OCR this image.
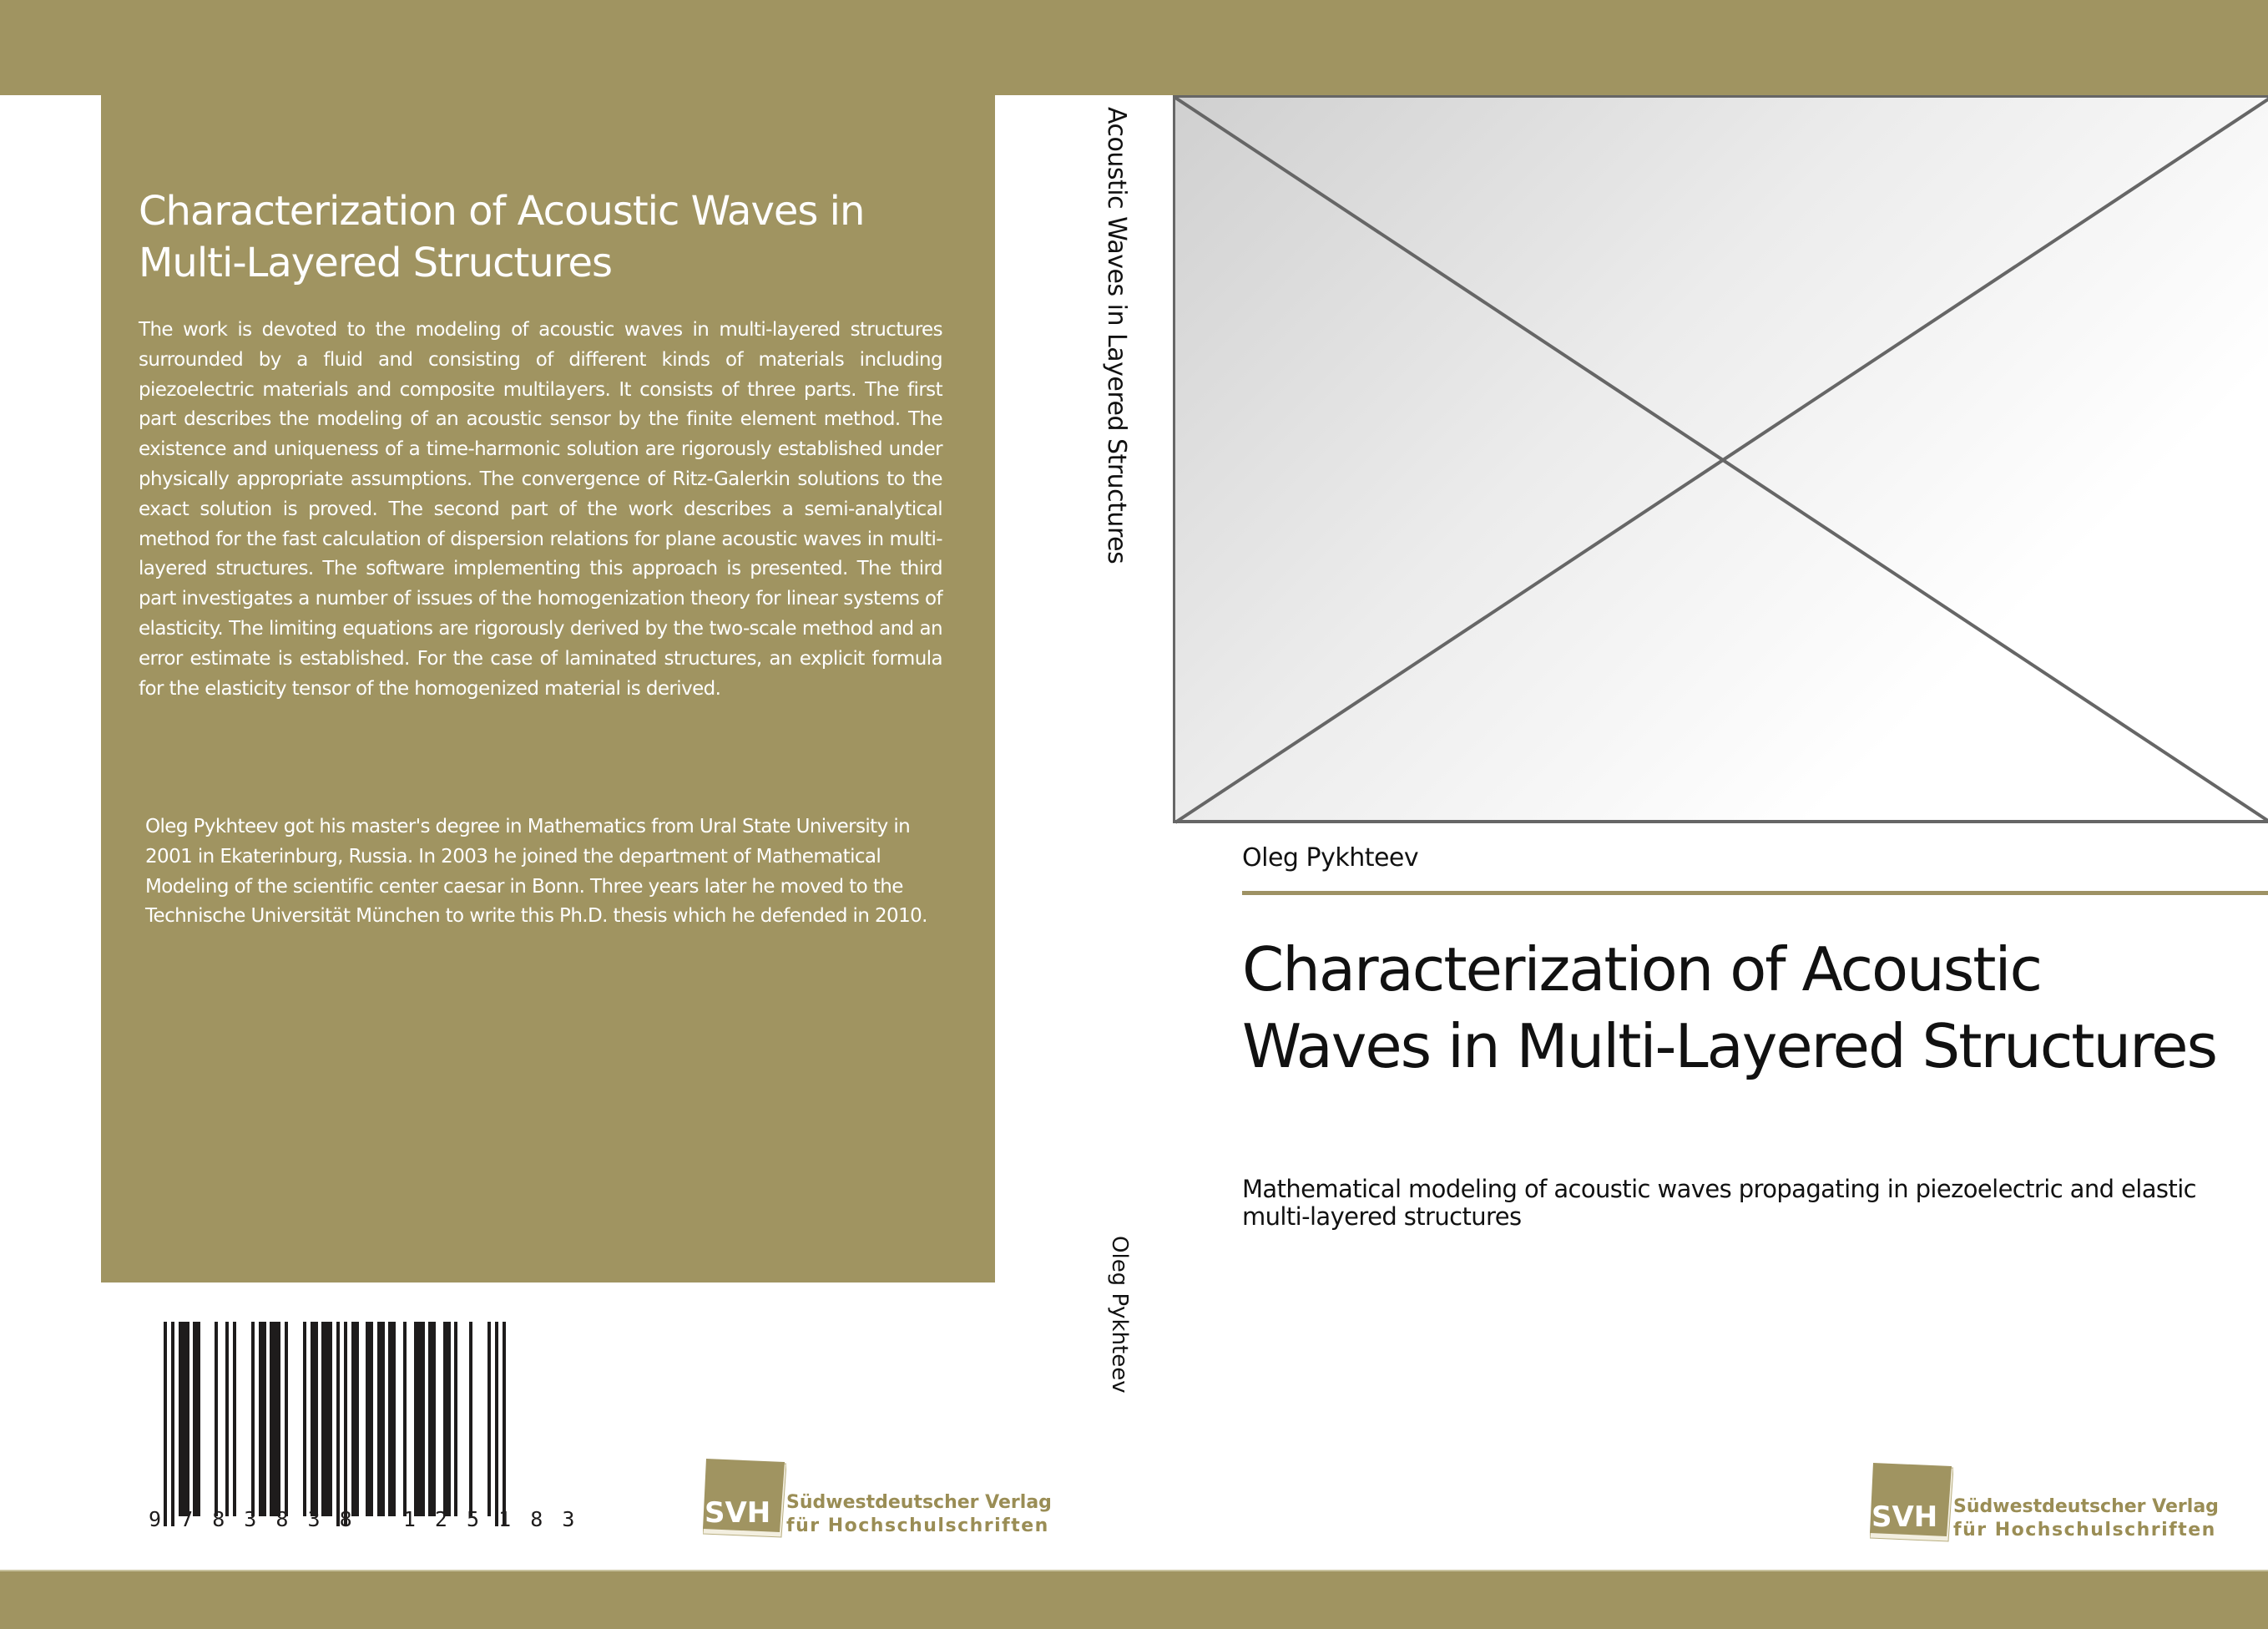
Characterization of Acoustic Waves in Multi-Layered Structures
The work is devoted to the modeling of acoustic waves in multi-layered structures surrounded by a fluid and consisting of different kinds of materials including piezoelectric materials and composite multilayers. It consists of three parts. The first part describes the modeling of an acoustic sensor by the finite element method. The existence and uniqueness of a time-harmonic solution are rigorously established under physically appropriate assumptions. The convergence of Ritz-Galerkin solutions to the exact solution is proved. The second part of the work describes a semi-analytical method for the fast calculation of dispersion relations for plane acoustic waves in multi-layered structures. The software implementing this approach is presented. The third part investigates a number of issues of the homogenization theory for linear systems of elasticity. The limiting equations are rigorously derived by the two-scale method and an error estimate is established. For the case of laminated structures, an explicit formula for the elasticity tensor of the homogenized material is derived.
Oleg Pykhteev got his master's degree in Mathematics from Ural State University in 2001 in Ekaterinburg, Russia. In 2003 he joined the department of Mathematical Modeling of the scientific center caesar in Bonn. Three years later he moved to the Technische Universität München to write this Ph.D. thesis which he defended in 2010.
9 7 8 3 8 3 8   1 2 5 1 8 3	SVH Südwestdeutscher Verlag
für Hochschulschriften
Acoustic Waves in Layered Structures
Oleg Pykhteev
Oleg Pykhteev
Characterization of Acoustic Waves in Multi-Layered Structures
Mathematical modeling of acoustic waves propagating in piezoelectric and elastic multi-layered structures
SVH Südwestdeutscher Verlag
für Hochschulschriften
